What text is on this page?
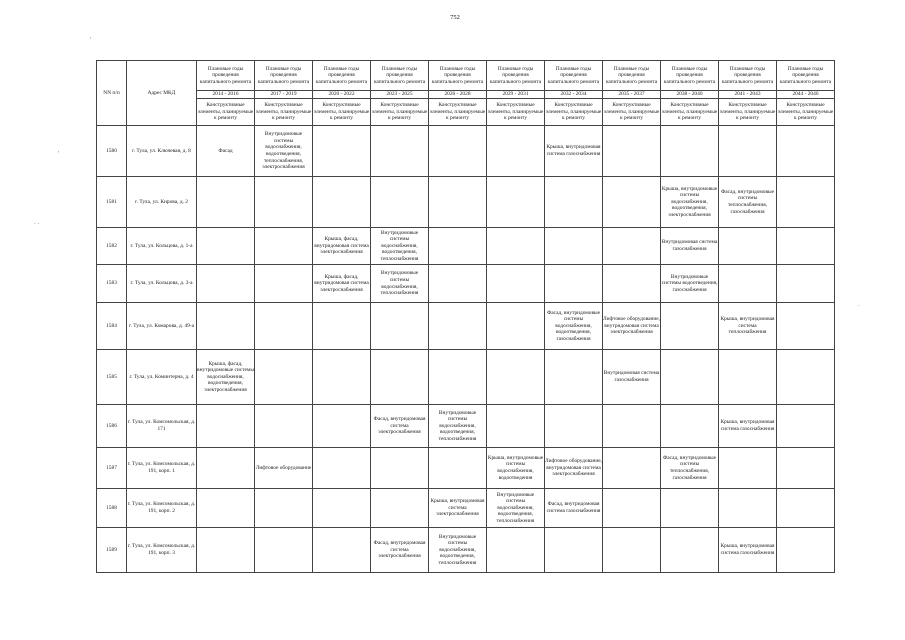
752
'
. .
'
.
NN п/п	Адрес МКД	Плановые годы проведения капитального ремонта	Плановые годы проведения капитального ремонта	Плановые годы проведения капитального ремонта	Плановые годы проведения капитального ремонта	Плановые годы проведения капитального ремонта	Плановые годы проведения капитального ремонта	Плановые годы проведения капитального ремонта	Плановые годы проведения капитального ремонта	Плановые годы проведения капитального ремонта	Плановые годы проведения капитального ремонта	Плановые годы проведения капитального ремонта
		2014 - 2016	2017 - 2019	2020 - 2022	2023 - 2025	2026 - 2028	2029 - 2031	2032 - 2034	2035 - 2037	2038 - 2040	2041 - 2043	2044 - 2046
		Конструктивные элементы, планируемые к ремонту	Конструктивные элементы, планируемые к ремонту	Конструктивные элементы, планируемые к ремонту	Конструктивные элементы, планируемые к ремонту	Конструктивные элементы, планируемые к ремонту	Конструктивные элементы, планируемые к ремонту	Конструктивные элементы, планируемые к ремонту	Конструктивные элементы, планируемые к ремонту	Конструктивные элементы, планируемые к ремонту	Конструктивные элементы, планируемые к ремонту	Конструктивные элементы, планируемые к ремонту
1580	г. Тула, ул. Ключевая, д. 8	Фасад	Внутридомовые системы водоснабжения, водоотведения, теплоснабжения, электроснабжения					Крыша, внутридомовая система газоснабжения				
1581	г. Тула, ул. Кирова, д. 2									Крыша, внутридомовые системы водоснабжения, водоотведения, электроснабжения	Фасад, внутридомовые системы теплоснабжения, газоснабжения	
1582	г. Тула, ул. Кольцова, д. 1-а			Крыша, фасад, внутридомовая система электроснабжения	Внутридомовые системы водоснабжения, водоотведения, теплоснабжения					Внутридомовая система газоснабжения		
1583	г. Тула, ул. Кольцова, д. 3-а			Крыша, фасад, внутридомовая система электроснабжения	Внутридомовые системы водоснабжения, теплоснабжения					Внутридомовые системы водоотведения, газоснабжения		
1584	г. Тула, ул. Комарова, д. 49-а							Фасад, внутридомовые системы водоснабжения, водоотведения, газоснабжения	Лифтовое оборудование, внутридомовая система электроснабжения		Крыша, внутридомовая система теплоснабжения	
1585	г. Тула, ул. Коминтерна, д. 4	Крыша, фасад, внутридомовые системы водоснабжения, водоотведения, электроснабжения							Внутридомовая система газоснабжения			
1586	г. Тула, ул. Комсомольская, д. 171				Фасад, внутридомовая система электроснабжения	Внутридомовые системы водоснабжения, водоотведения, теплоснабжения					Крыша, внутридомовая система газоснабжения	
1587	г. Тула, ул. Комсомольская, д. 191, корп. 1		Лифтовое оборудование				Крыша, внутридомовые системы водоснабжения, водоотведения	Лифтовое оборудование, внутридомовая система электроснабжения		Фасад, внутридомовые системы теплоснабжения, газоснабжения		
1588	г. Тула, ул. Комсомольская, д. 191, корп. 2					Крыша, внутридомовая система электроснабжения	Внутридомовые системы водоснабжения, водоотведения, теплоснабжения	Фасад, внутридомовая система газоснабжения				
1589	г. Тула, ул. Комсомольская, д. 191, корп. 3				Фасад, внутридомовая система электроснабжения	Внутридомовые системы водоснабжения, водоотведения, теплоснабжения					Крыша, внутридомовая система газоснабжения	
